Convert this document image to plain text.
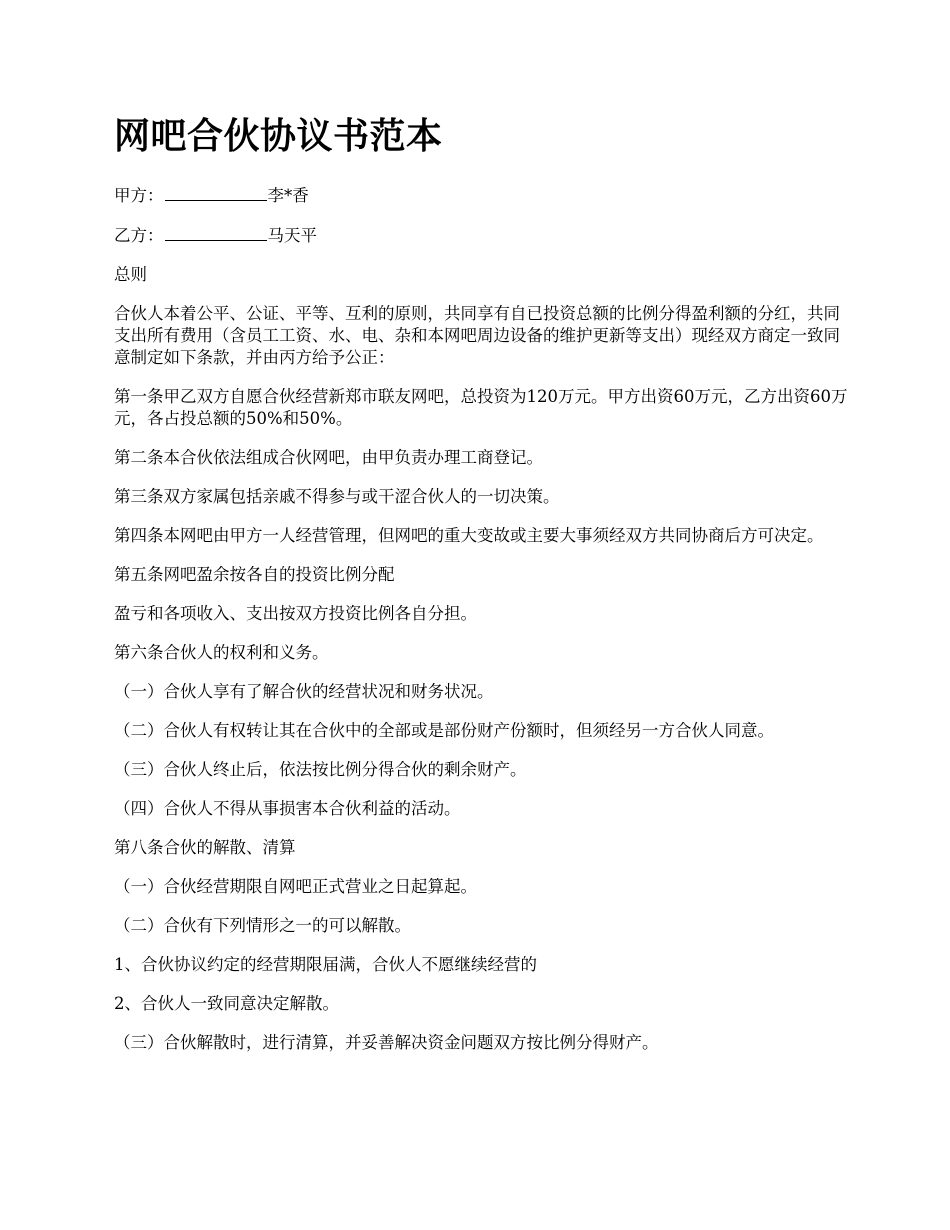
网吧合伙协议书范本

甲方：	李*香

乙方：	马天平

总则

合伙人本着公平、公证、平等、互利的原则，共同享有自已投资总额的比例分得盈利额的分红，共同支出所有费用（含员工工资、水、电、杂和本网吧周边设备的维护更新等支出）现经双方商定一致同意制定如下条款，并由丙方给予公正：

第一条甲乙双方自愿合伙经营新郑市联友网吧，总投资为120万元。甲方出资60万元，乙方出资60万元，各占投总额的50%和50%。

第二条本合伙依法组成合伙网吧，由甲负责办理工商登记。

第三条双方家属包括亲戚不得参与或干涩合伙人的一切决策。

第四条本网吧由甲方一人经营管理，但网吧的重大变故或主要大事须经双方共同协商后方可决定。

第五条网吧盈余按各自的投资比例分配

盈亏和各项收入、支出按双方投资比例各自分担。

第六条合伙人的权利和义务。

（一）合伙人享有了解合伙的经营状况和财务状况。

（二）合伙人有权转让其在合伙中的全部或是部份财产份额时，但须经另一方合伙人同意。

（三）合伙人终止后，依法按比例分得合伙的剩余财产。

（四）合伙人不得从事损害本合伙利益的活动。

第八条合伙的解散、清算

（一）合伙经营期限自网吧正式营业之日起算起。

（二）合伙有下列情形之一的可以解散。

1、合伙协议约定的经营期限届满，合伙人不愿继续经营的

2、合伙人一致同意决定解散。

（三）合伙解散时，进行清算，并妥善解决资金问题双方按比例分得财产。
